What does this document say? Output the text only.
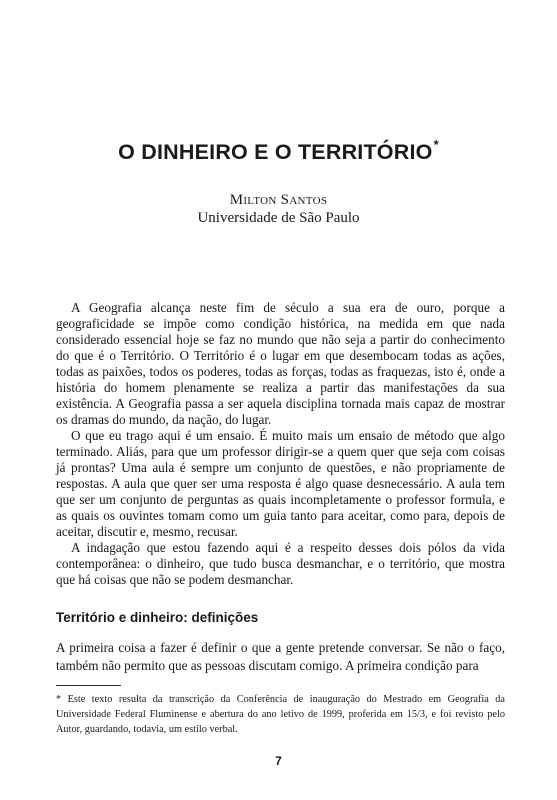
O DINHEIRO E O TERRITÓRIO*
Milton Santos
Universidade de São Paulo

A Geografia alcança neste fim de século a sua era de ouro, porque a geograficidade se impõe como condição histórica, na medida em que nada considerado essencial hoje se faz no mundo que não seja a partir do conhecimento do que é o Território. O Território é o lugar em que desembocam todas as ações, todas as paixões, todos os poderes, todas as forças, todas as fraquezas, isto é, onde a história do homem plenamente se realiza a partir das manifestações da sua existência. A Geografia passa a ser aquela disciplina tornada mais capaz de mostrar os dramas do mundo, da nação, do lugar.

O que eu trago aqui é um ensaio. É muito mais um ensaio de método que algo terminado. Aliás, para que um professor dirigir-se a quem quer que seja com coisas já prontas? Uma aula é sempre um conjunto de questões, e não propriamente de respostas. A aula que quer ser uma resposta é algo quase desnecessário. A aula tem que ser um conjunto de perguntas as quais incompletamente o professor formula, e as quais os ouvintes tomam como um guia tanto para aceitar, como para, depois de aceitar, discutir e, mesmo, recusar.

A indagação que estou fazendo aqui é a respeito desses dois pólos da vida contemporânea: o dinheiro, que tudo busca desmanchar, e o território, que mostra que há coisas que não se podem desmanchar.

Território e dinheiro: definições

A primeira coisa a fazer é definir o que a gente pretende conversar. Se não o faço, também não permito que as pessoas discutam comigo. A primeira condição para

* Este texto resulta da transcrição da Conferência de inauguração do Mestrado em Geografia da Universidade Federal Fluminense e abertura do ano letivo de 1999, proferida em 15/3, e foi revisto pelo Autor, guardando, todavia, um estilo verbal.
7
